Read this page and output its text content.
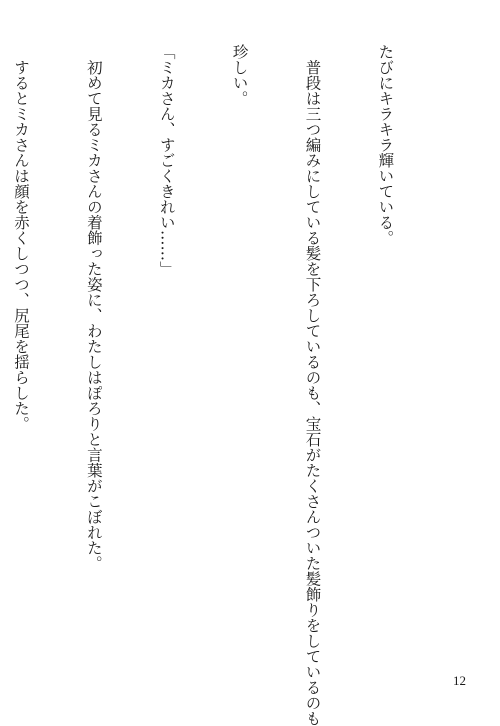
たびにキラキラ輝いている。

　普段は三つ編みにしている髪を下ろしているのも、宝石がたくさんついた髪飾りをしているのも

珍しい。

「ミカさん、すごくきれい……」

　初めて見るミカさんの着飾った姿に、わたしはぽろりと言葉がこぼれた。

　するとミカさんは顔を赤くしつつ、尻尾を揺らした。

12
